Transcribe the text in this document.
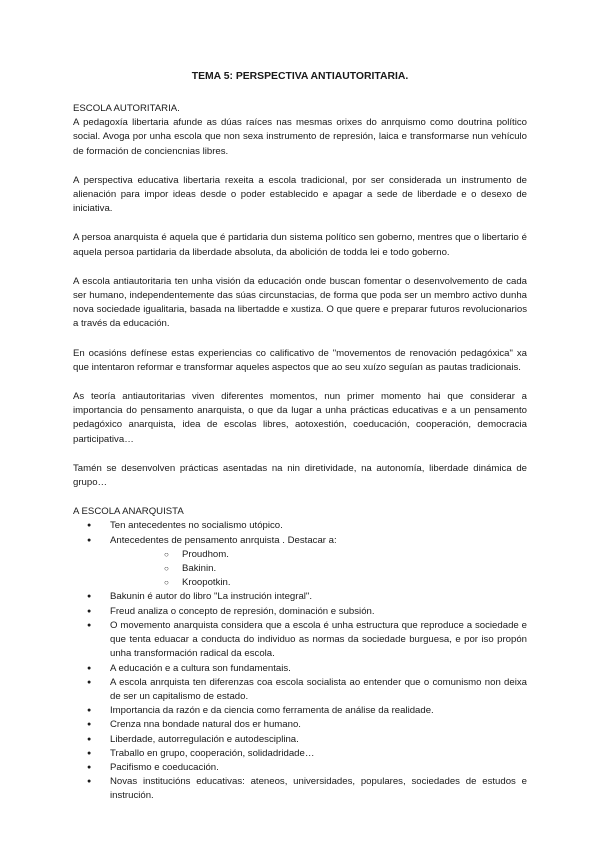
TEMA 5: PERSPECTIVA ANTIAUTORITARIA.
ESCOLA AUTORITARIA.

A pedagoxía libertaria afunde as dúas raíces nas mesmas orixes do anrquismo como doutrina político social. Avoga por unha escola que non sexa instrumento de represión, laica e transformarse nun vehículo de formación de conciencnias libres.

A perspectiva educativa libertaria rexeita a escola tradicional, por ser considerada un instrumento de alienación para impor ideas desde o poder establecido e apagar a sede de liberdade e o desexo de iniciativa.

A persoa anarquista é aquela que é partidaria dun sistema político sen goberno, mentres que o libertario é aquela persoa partidaria da liberdade absoluta, da abolición de todda lei e todo goberno.

A escola antiautoritaria ten unha visión da educación onde buscan fomentar o desenvolvemento de cada ser humano, independentemente das súas circunstacias, de forma que poda ser un membro activo dunha nova sociedade igualitaria, basada na libertadde e xustiza. O que quere e preparar futuros revolucionarios a través da educación.

En ocasións defínese estas experiencias co calificativo de "movementos de renovación pedagóxica" xa que intentaron reformar e transformar aqueles aspectos que ao seu xuízo seguían as pautas tradicionais.

As teoría antiautoritarias viven diferentes momentos, nun primer momento hai que considerar a importancia do pensamento anarquista, o que da lugar a unha prácticas educativas e a un pensamento pedagóxico anarquista, idea de escolas libres, aotoxestión, coeducación, cooperación, democracia participativa…

Tamén se desenvolven prácticas asentadas na nin diretividade, na autonomía, liberdade dinámica de grupo…

A ESCOLA ANARQUISTA
● Ten antecedentes no socialismo utópico.
● Antecedentes de pensamento anrquista . Destacar a:
○ Proudhom.
○ Bakinin.
○ Kroopotkin.
● Bakunin é autor do libro "La instrución integral".
● Freud analiza o concepto de represión, dominación e subsión.
● O movemento anarquista considera que a escola é unha estructura que reproduce a sociedade e que tenta eduacar a conducta do individuo as normas da sociedade burguesa, e por iso propón unha transformación radical da escola.
● A educación e a cultura son fundamentais.
● A escola anrquista ten diferenzas coa escola socialista ao entender que o comunismo non deixa de ser un capitalismo de estado.
● Importancia da razón e da ciencia como ferramenta de análise da realidade.
● Crenza nna bondade natural dos er humano.
● Liberdade, autorregulación e autodesciplina.
● Traballo en grupo, cooperación, solidadridade…
● Pacifismo e coeducación.
● Novas institucións educativas: ateneos, universidades, populares, sociedades de estudos e instrución.
